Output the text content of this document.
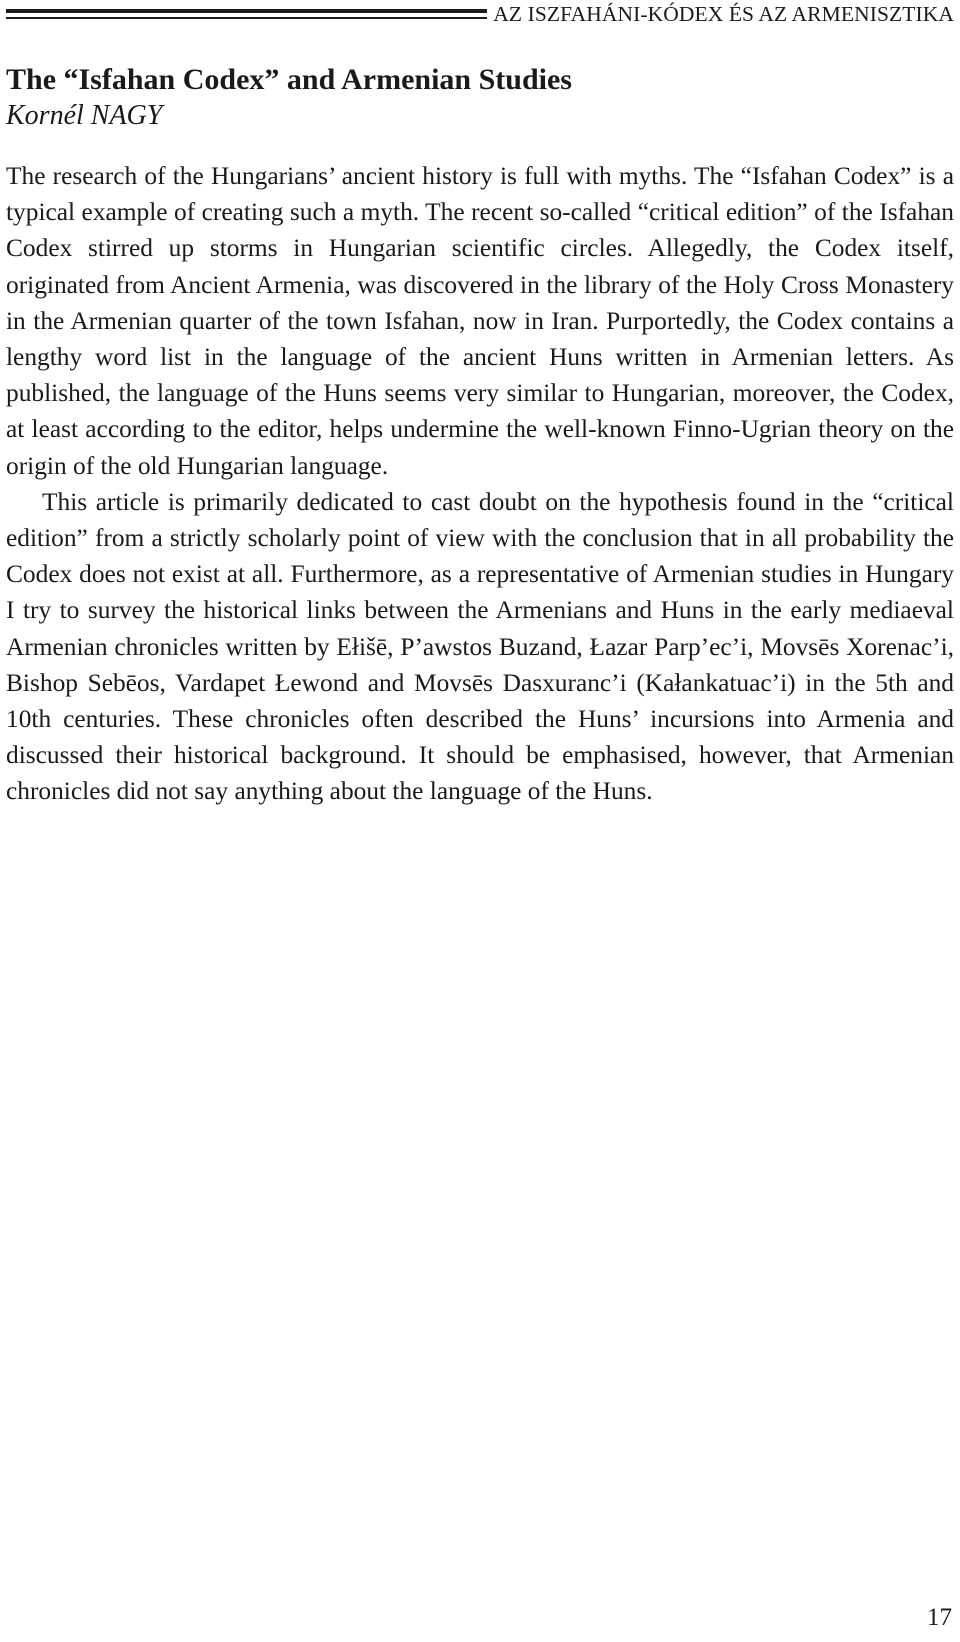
AZ ISZFAHÁNI-KÓDEX ÉS AZ ARMENISZTIKA
The “Isfahan Codex” and Armenian Studies

Kornél NAGY

The research of the Hungarians’ ancient history is full with myths. The “Isfahan Codex” is a typical example of creating such a myth. The recent so-called “critical edition” of the Isfahan Codex stirred up storms in Hungarian scientific circles. Allegedly, the Codex itself, originated from Ancient Armenia, was discovered in the library of the Holy Cross Monastery in the Armenian quarter of the town Isfahan, now in Iran. Purportedly, the Codex contains a lengthy word list in the language of the ancient Huns written in Armenian letters. As published, the language of the Huns seems very similar to Hungarian, moreover, the Codex, at least according to the editor, helps undermine the well-known Finno-Ugrian theory on the origin of the old Hungarian language.

This article is primarily dedicated to cast doubt on the hypothesis found in the “critical edition” from a strictly scholarly point of view with the conclusion that in all probability the Codex does not exist at all. Furthermore, as a representative of Armenian studies in Hungary I try to survey the historical links between the Armenians and Huns in the early mediaeval Armenian chronicles written by Ełišē, P’awstos Buzand, Łazar Parp’ec’i, Movsēs Xorenac’i, Bishop Sebēos, Vardapet Łewond and Movsēs Dasxuranc’i (Kałankatuac’i) in the 5th and 10th centuries. These chronicles often described the Huns’ incursions into Armenia and discussed their historical background. It should be emphasised, however, that Armenian chronicles did not say anything about the language of the Huns.

17
